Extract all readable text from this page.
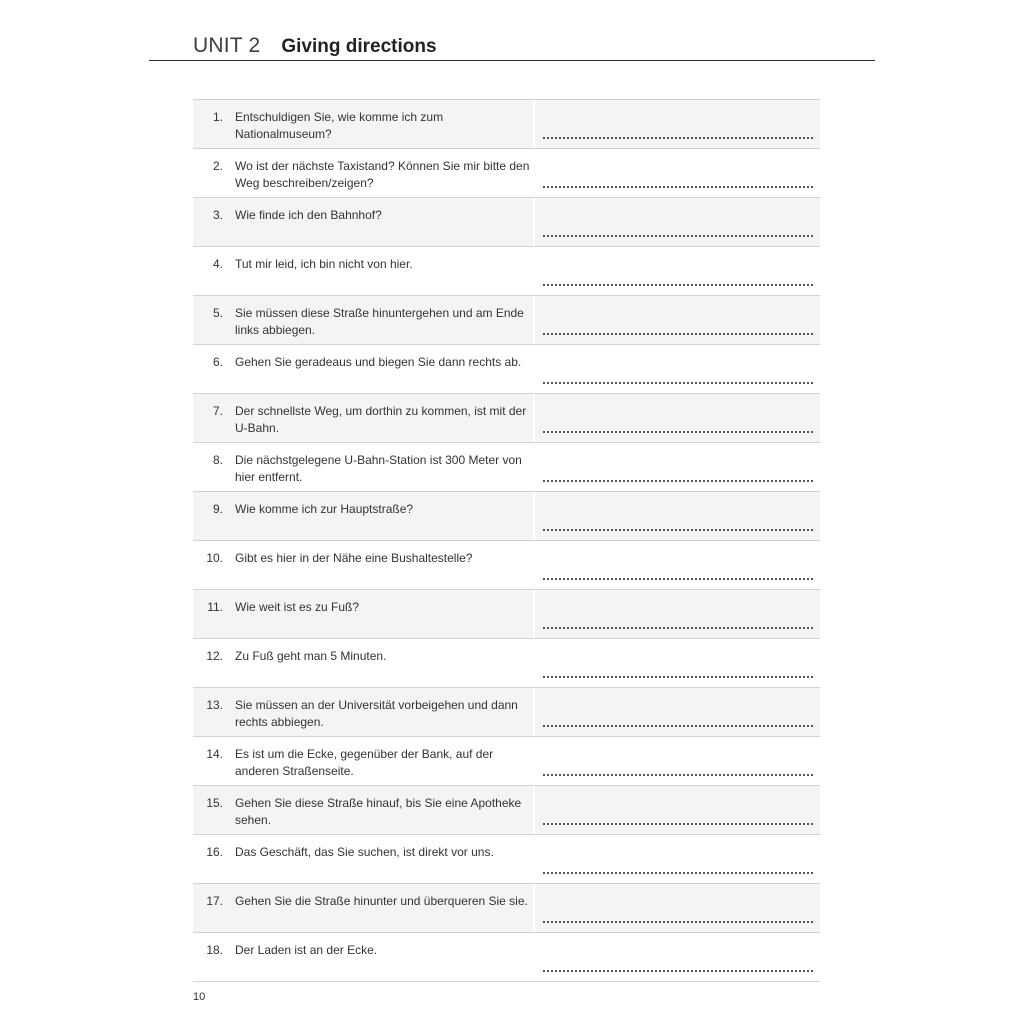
UNIT 2 Giving directions
1. Entschuldigen Sie, wie komme ich zum Nationalmuseum?
2. Wo ist der nächste Taxistand? Können Sie mir bitte den Weg beschreiben/zeigen?
3. Wie finde ich den Bahnhof?
4. Tut mir leid, ich bin nicht von hier.
5. Sie müssen diese Straße hinuntergehen und am Ende links abbiegen.
6. Gehen Sie geradeaus und biegen Sie dann rechts ab.
7. Der schnellste Weg, um dorthin zu kommen, ist mit der U-Bahn.
8. Die nächstgelegene U-Bahn-Station ist 300 Meter von hier entfernt.
9. Wie komme ich zur Hauptstraße?
10. Gibt es hier in der Nähe eine Bushaltestelle?
11. Wie weit ist es zu Fuß?
12. Zu Fuß geht man 5 Minuten.
13. Sie müssen an der Universität vorbeigehen und dann rechts abbiegen.
14. Es ist um die Ecke, gegenüber der Bank, auf der anderen Straßenseite.
15. Gehen Sie diese Straße hinauf, bis Sie eine Apotheke sehen.
16. Das Geschäft, das Sie suchen, ist direkt vor uns.
17. Gehen Sie die Straße hinunter und überqueren Sie sie.
18. Der Laden ist an der Ecke.
10
